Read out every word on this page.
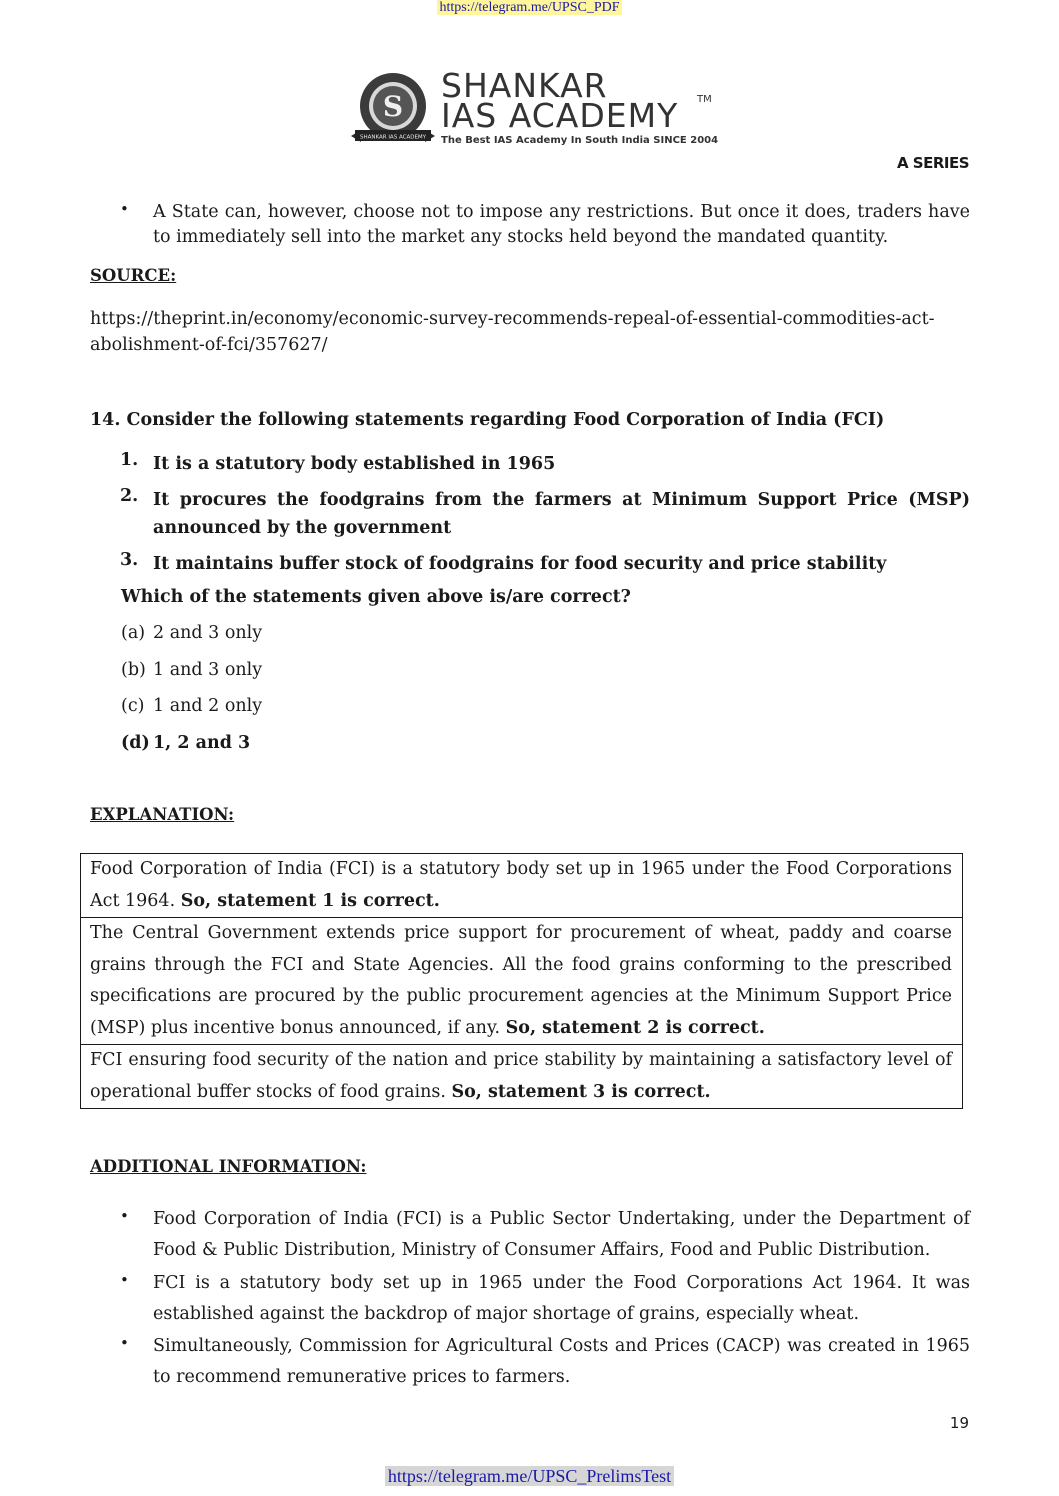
https://telegram.me/UPSC_PDF
S
SHANKAR IAS ACADEMY
SHANKAR
IAS ACADEMY TM
The Best IAS Academy In South India SINCE 2004
A SERIES
• A State can, however, choose not to impose any restrictions. But once it does, traders have to immediately sell into the market any stocks held beyond the mandated quantity.
SOURCE:
https://theprint.in/economy/economic-survey-recommends-repeal-of-essential-commodities-act-abolishment-of-fci/357627/
14. Consider the following statements regarding Food Corporation of India (FCI)
1. It is a statutory body established in 1965
2. It procures the foodgrains from the farmers at Minimum Support Price (MSP) announced by the government
3. It maintains buffer stock of foodgrains for food security and price stability
Which of the statements given above is/are correct?
(a) 2 and 3 only
(b) 1 and 3 only
(c) 1 and 2 only
(d) 1, 2 and 3
EXPLANATION:
Food Corporation of India (FCI) is a statutory body set up in 1965 under the Food Corporations Act 1964. So, statement 1 is correct.
The Central Government extends price support for procurement of wheat, paddy and coarse grains through the FCI and State Agencies. All the food grains conforming to the prescribed specifications are procured by the public procurement agencies at the Minimum Support Price (MSP) plus incentive bonus announced, if any. So, statement 2 is correct.
FCI ensuring food security of the nation and price stability by maintaining a satisfactory level of operational buffer stocks of food grains. So, statement 3 is correct.
ADDITIONAL INFORMATION:
• Food Corporation of India (FCI) is a Public Sector Undertaking, under the Department of Food & Public Distribution, Ministry of Consumer Affairs, Food and Public Distribution.
• FCI is a statutory body set up in 1965 under the Food Corporations Act 1964. It was established against the backdrop of major shortage of grains, especially wheat.
• Simultaneously, Commission for Agricultural Costs and Prices (CACP) was created in 1965 to recommend remunerative prices to farmers.
19
https://telegram.me/UPSC_PrelimsTest
